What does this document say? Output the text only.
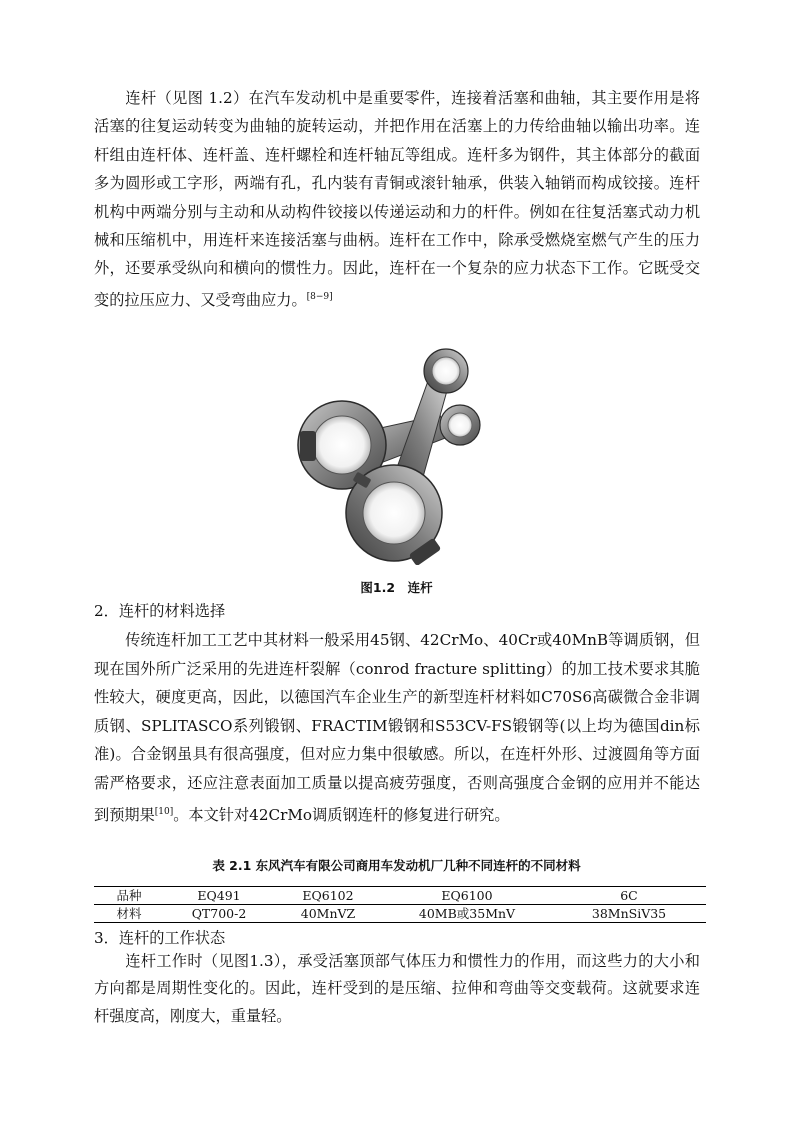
连杆（见图 1.2）在汽车发动机中是重要零件，连接着活塞和曲轴，其主要作用是将活塞的往复运动转变为曲轴的旋转运动，并把作用在活塞上的力传给曲轴以输出功率。连杆组由连杆体、连杆盖、连杆螺栓和连杆轴瓦等组成。连杆多为钢件，其主体部分的截面多为圆形或工字形，两端有孔，孔内装有青铜或滚针轴承，供装入轴销而构成铰接。连杆机构中两端分别与主动和从动构件铰接以传递运动和力的杆件。例如在往复活塞式动力机械和压缩机中，用连杆来连接活塞与曲柄。连杆在工作中，除承受燃烧室燃气产生的压力外，还要承受纵向和横向的惯性力。因此，连杆在一个复杂的应力状态下工作。它既受交变的拉压应力、又受弯曲应力。[8−9]

图1.2　连杆

2．连杆的材料选择

传统连杆加工工艺中其材料一般采用45钢、42CrMo、40Cr或40MnB等调质钢，但现在国外所广泛采用的先进连杆裂解（conrod fracture splitting）的加工技术要求其脆性较大，硬度更高，因此，以德国汽车企业生产的新型连杆材料如C70S6高碳微合金非调质钢、SPLITASCO系列锻钢、FRACTIM锻钢和S53CV-FS锻钢等(以上均为德国din标准)。合金钢虽具有很高强度，但对应力集中很敏感。所以，在连杆外形、过渡圆角等方面需严格要求，还应注意表面加工质量以提高疲劳强度，否则高强度合金钢的应用并不能达到预期果[10]。本文针对42CrMo调质钢连杆的修复进行研究。

表 2.1 东风汽车有限公司商用车发动机厂几种不同连杆的不同材料

品种	EQ491	EQ6102	EQ6100	6C
材料	QT700-2	40MnVZ	40MB或35MnV	38MnSiV35

3．连杆的工作状态

连杆工作时（见图1.3），承受活塞顶部气体压力和惯性力的作用，而这些力的大小和方向都是周期性变化的。因此，连杆受到的是压缩、拉伸和弯曲等交变载荷。这就要求连杆强度高，刚度大，重量轻。
